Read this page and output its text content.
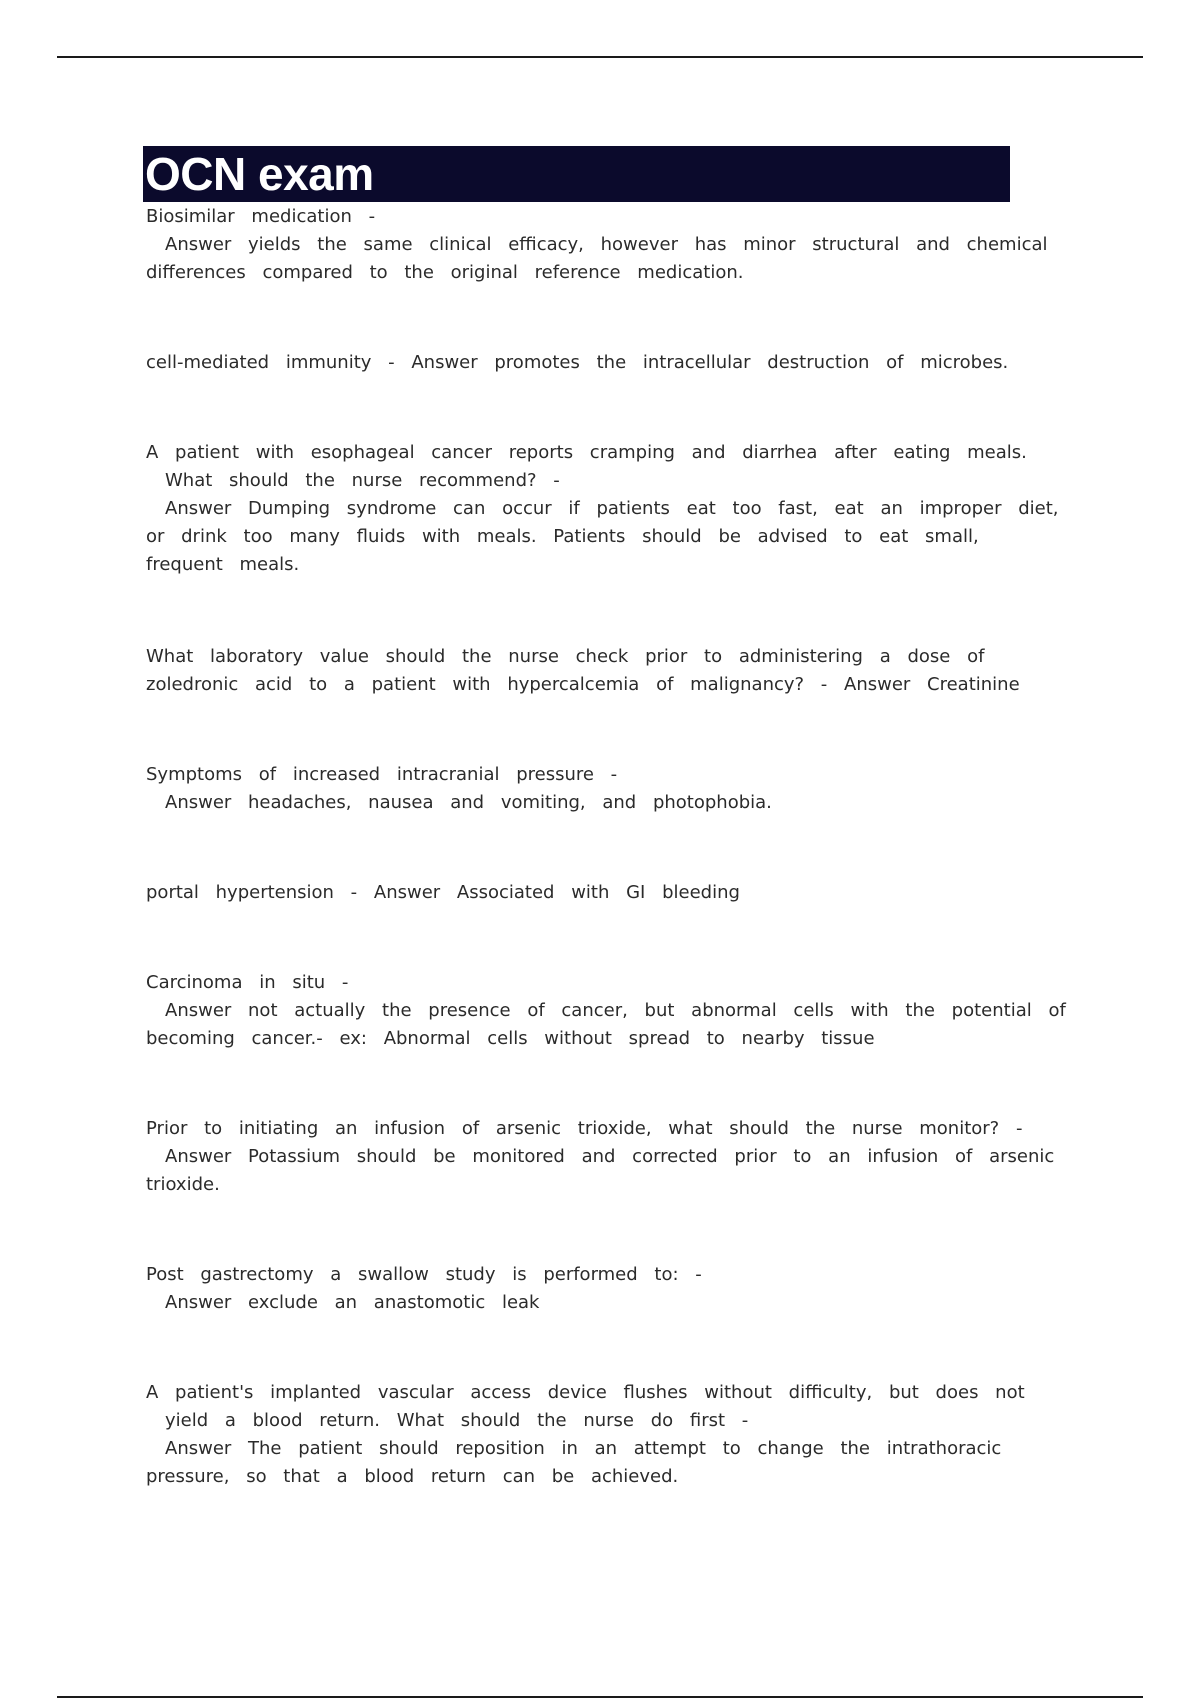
OCN exam
Biosimilar medication -
Answer yields the same clinical efficacy, however has minor structural and chemical differences compared to the original reference medication.
cell-mediated immunity - Answer promotes the intracellular destruction of microbes.
A patient with esophageal cancer reports cramping and diarrhea after eating meals. What should the nurse recommend? -
Answer Dumping syndrome can occur if patients eat too fast, eat an improper diet, or drink too many fluids with meals. Patients should be advised to eat small, frequent meals.
What laboratory value should the nurse check prior to administering a dose of zoledronic acid to a patient with hypercalcemia of malignancy? - Answer Creatinine
Symptoms of increased intracranial pressure -
Answer headaches, nausea and vomiting, and photophobia.
portal hypertension - Answer Associated with GI bleeding
Carcinoma in situ -
Answer not actually the presence of cancer, but abnormal cells with the potential of becoming cancer.- ex: Abnormal cells without spread to nearby tissue
Prior to initiating an infusion of arsenic trioxide, what should the nurse monitor? -
Answer Potassium should be monitored and corrected prior to an infusion of arsenic trioxide.
Post gastrectomy a swallow study is performed to: -
Answer exclude an anastomotic leak
A patient's implanted vascular access device flushes without difficulty, but does not yield a blood return. What should the nurse do first -
Answer The patient should reposition in an attempt to change the intrathoracic pressure, so that a blood return can be achieved.
